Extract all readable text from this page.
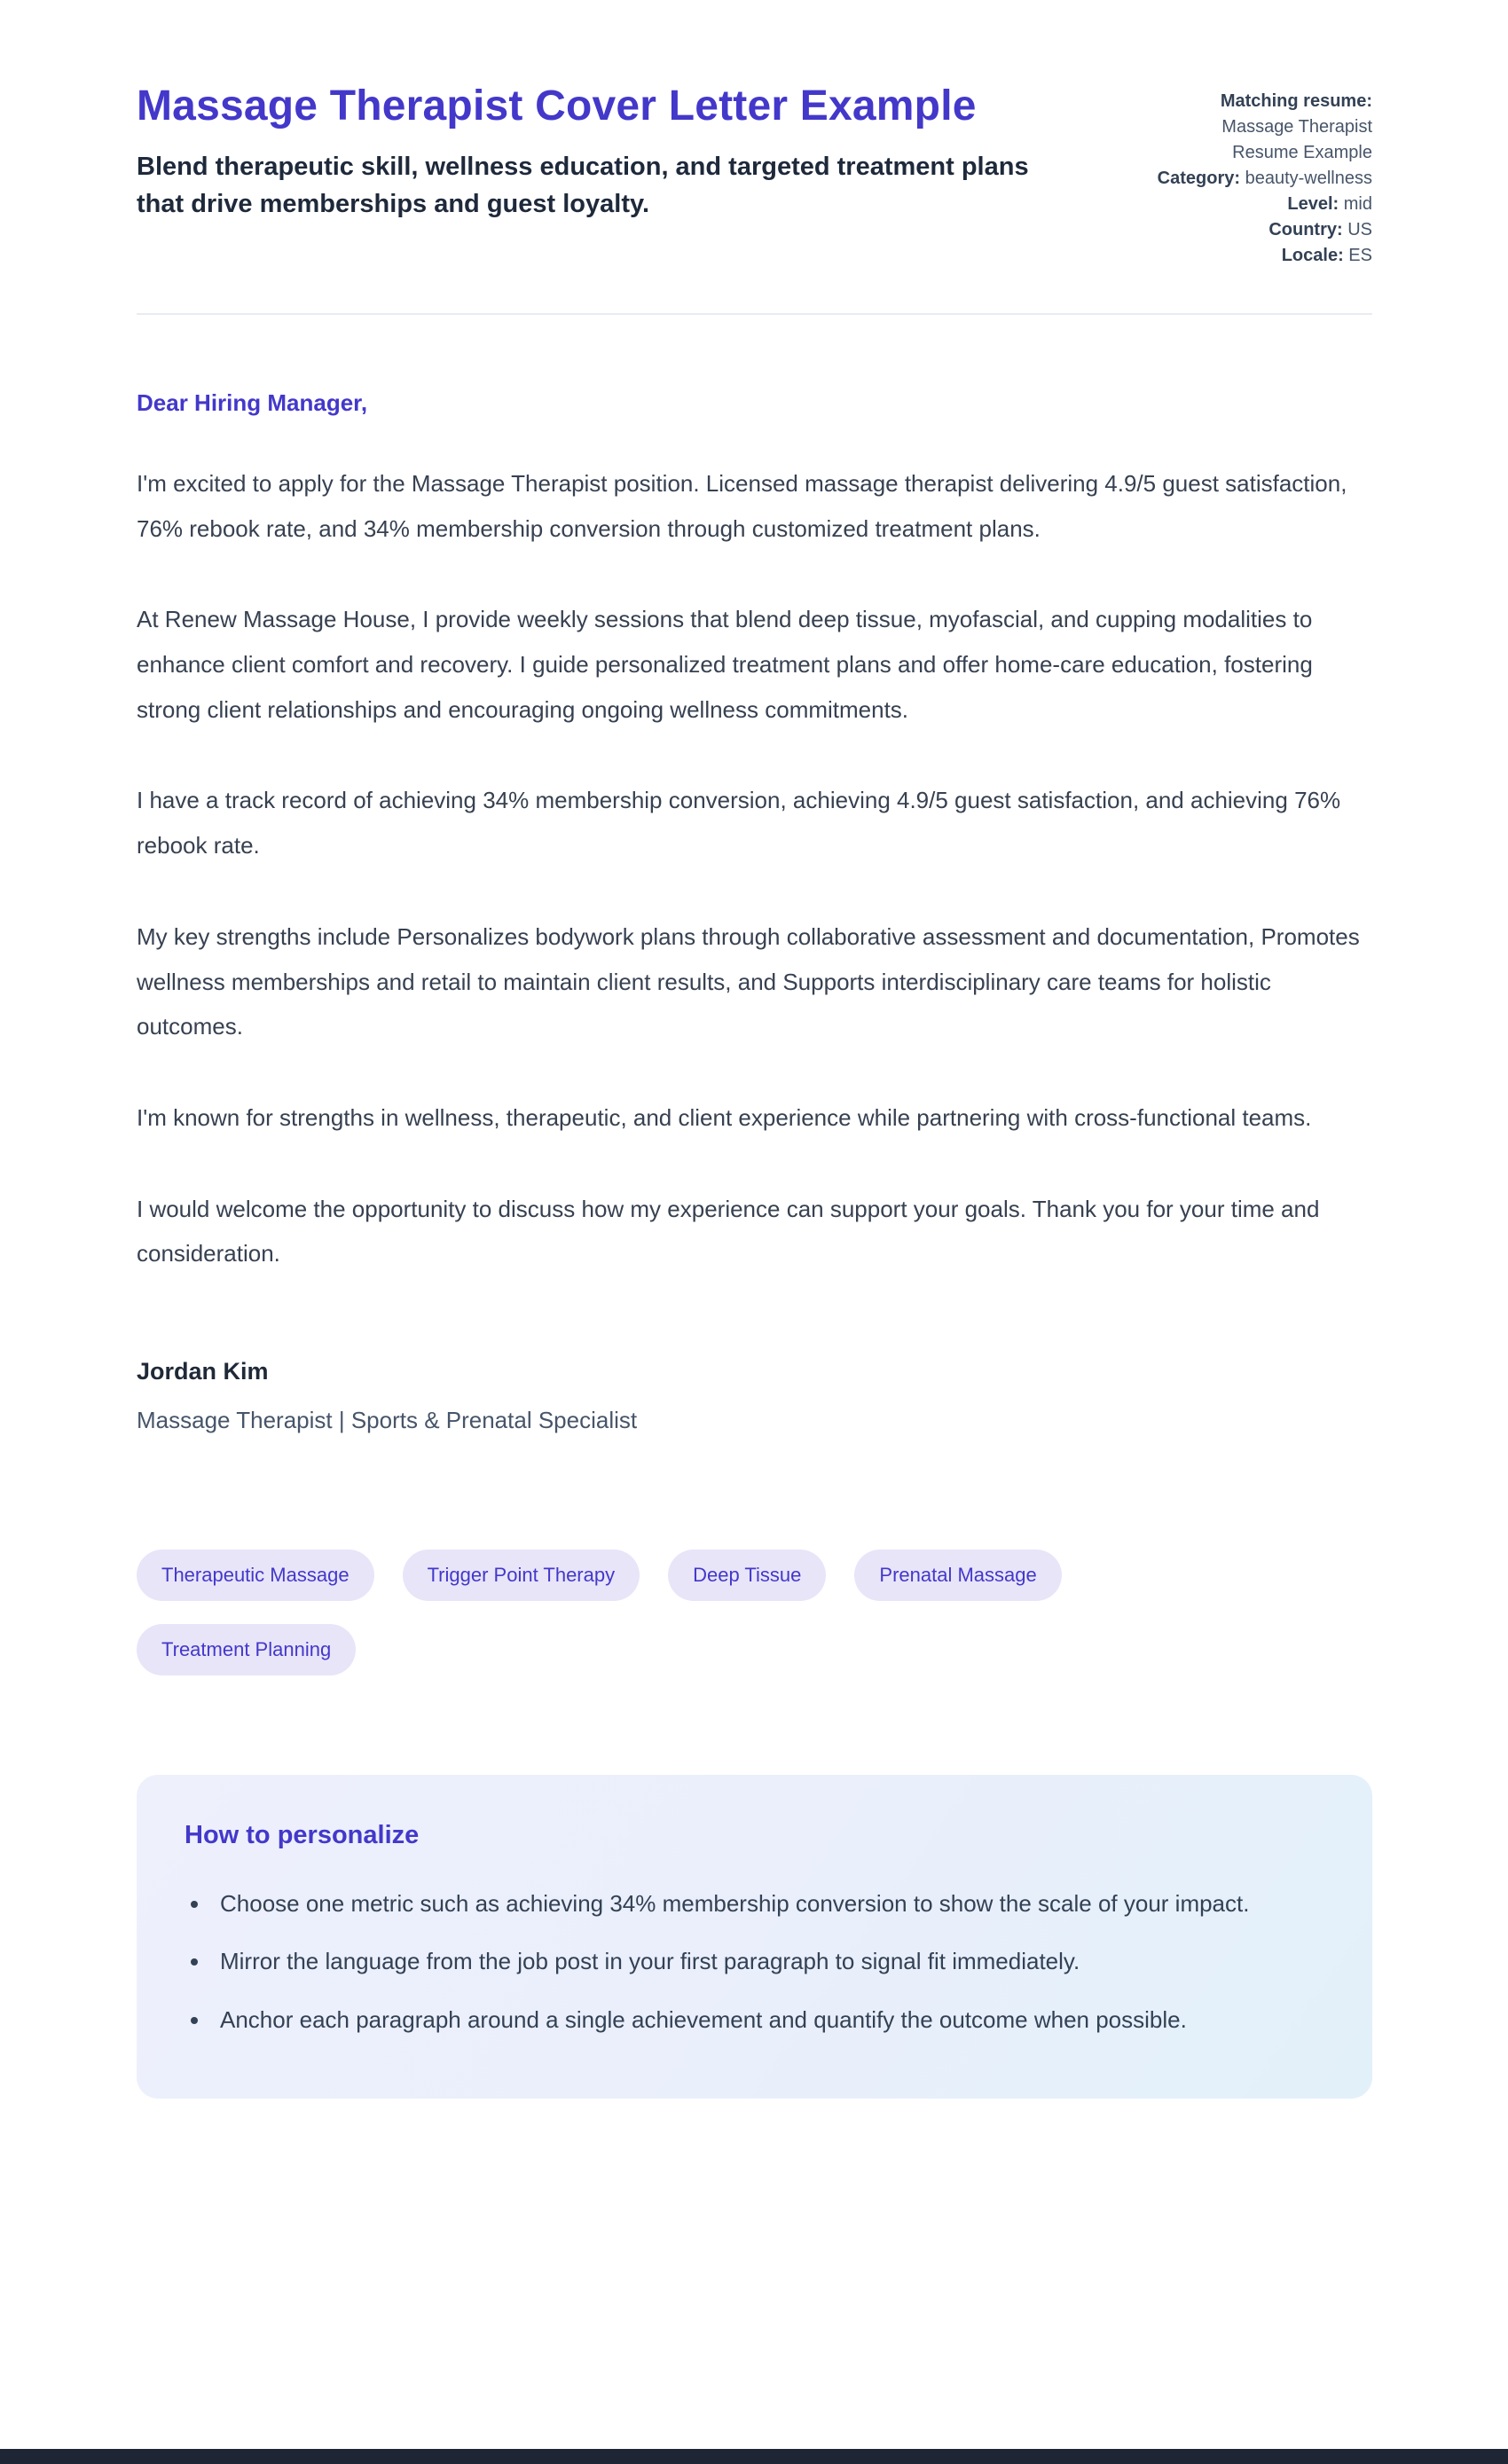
Massage Therapist Cover Letter Example

Blend therapeutic skill, wellness education, and targeted treatment plans that drive memberships and guest loyalty.

Matching resume:
Massage Therapist Resume Example
Category: beauty-wellness
Level: mid
Country: US
Locale: ES

Dear Hiring Manager,

I'm excited to apply for the Massage Therapist position. Licensed massage therapist delivering 4.9/5 guest satisfaction, 76% rebook rate, and 34% membership conversion through customized treatment plans.

At Renew Massage House, I provide weekly sessions that blend deep tissue, myofascial, and cupping modalities to enhance client comfort and recovery. I guide personalized treatment plans and offer home-care education, fostering strong client relationships and encouraging ongoing wellness commitments.

I have a track record of achieving 34% membership conversion, achieving 4.9/5 guest satisfaction, and achieving 76% rebook rate.

My key strengths include Personalizes bodywork plans through collaborative assessment and documentation, Promotes wellness memberships and retail to maintain client results, and Supports interdisciplinary care teams for holistic outcomes.

I'm known for strengths in wellness, therapeutic, and client experience while partnering with cross-functional teams.

I would welcome the opportunity to discuss how my experience can support your goals. Thank you for your time and consideration.

Jordan Kim

Massage Therapist | Sports & Prenatal Specialist

Therapeutic Massage	Trigger Point Therapy	Deep Tissue	Prenatal Massage
Treatment Planning
How to personalize
• Choose one metric such as achieving 34% membership conversion to show the scale of your impact.
• Mirror the language from the job post in your first paragraph to signal fit immediately.
• Anchor each paragraph around a single achievement and quantify the outcome when possible.
